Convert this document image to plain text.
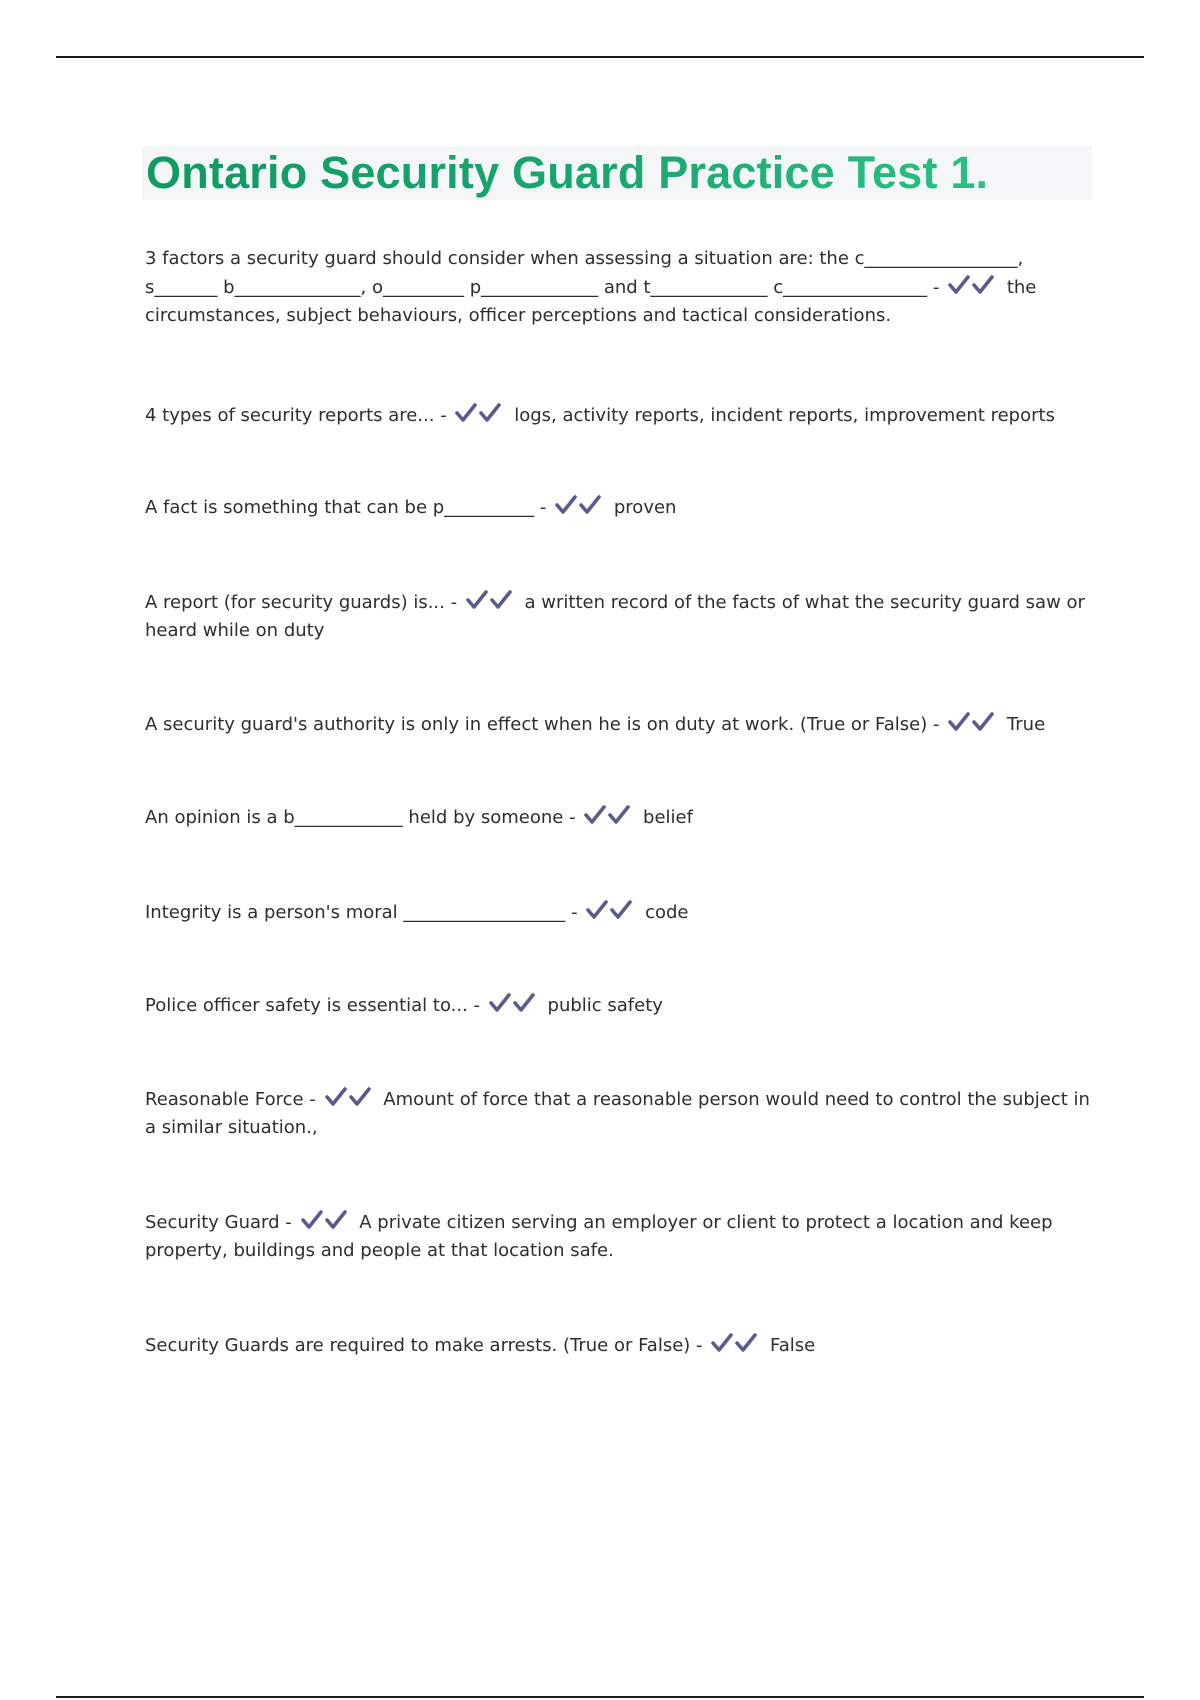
Ontario Security Guard Practice Test 1.
3 factors a security guard should consider when assessing a situation are: the c_________________, s_______ b______________, o_________ p_____________ and t_____________ c________________ -	the circumstances, subject behaviours, officer perceptions and tactical considerations.
4 types of security reports are... -	logs, activity reports, incident reports, improvement reports
A fact is something that can be p__________ -	proven
A report (for security guards) is... -	a written record of the facts of what the security guard saw or heard while on duty
A security guard's authority is only in effect when he is on duty at work. (True or False) -	True
An opinion is a b____________ held by someone -	belief
Integrity is a person's moral __________________ -	code
Police officer safety is essential to... -	public safety
Reasonable Force -	Amount of force that a reasonable person would need to control the subject in a similar situation.,
Security Guard -	A private citizen serving an employer or client to protect a location and keep property, buildings and people at that location safe.
Security Guards are required to make arrests. (True or False) -	False
